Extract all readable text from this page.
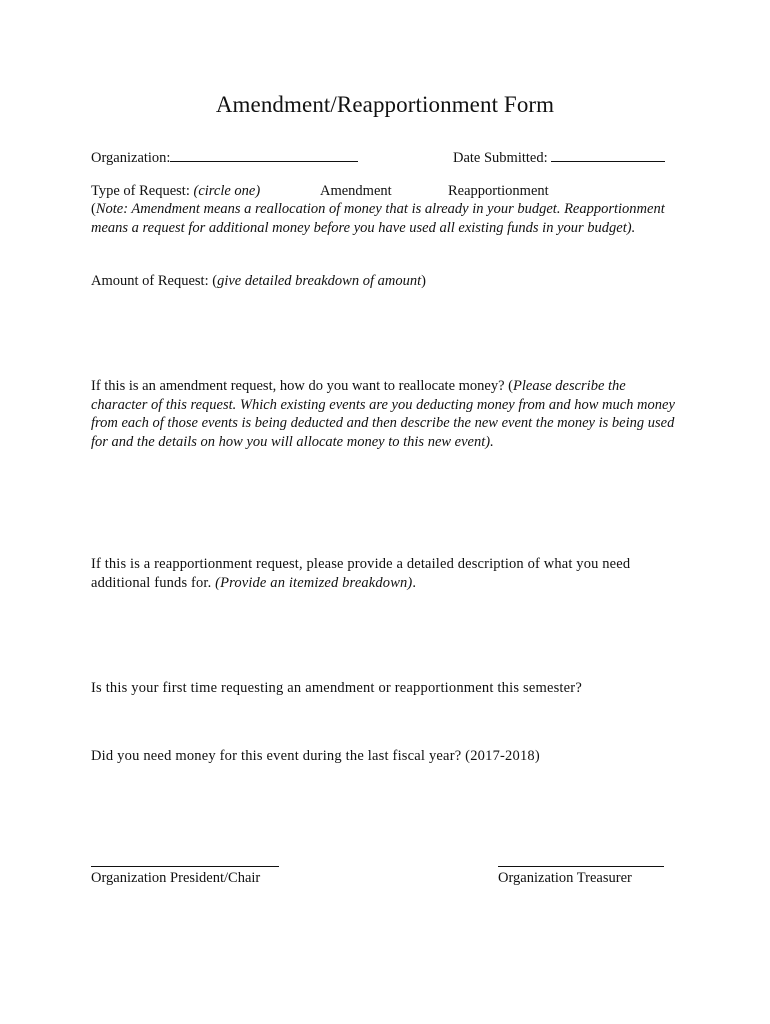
Amendment/Reapportionment Form
Organization:	Date Submitted:
Type of Request: (circle one)	Amendment	Reapportionment
(Note: Amendment means a reallocation of money that is already in your budget. Reapportionment means a request for additional money before you have used all existing funds in your budget).
Amount of Request: (give detailed breakdown of amount)
If this is an amendment request, how do you want to reallocate money? (Please describe the character of this request. Which existing events are you deducting money from and how much money from each of those events is being deducted and then describe the new event the money is being used for and the details on how you will allocate money to this new event).
If this is a reapportionment request, please provide a detailed description of what you need additional funds for. (Provide an itemized breakdown).
Is this your first time requesting an amendment or reapportionment this semester?
Did you need money for this event during the last fiscal year? (2017-2018)
Organization President/Chair	Organization Treasurer
